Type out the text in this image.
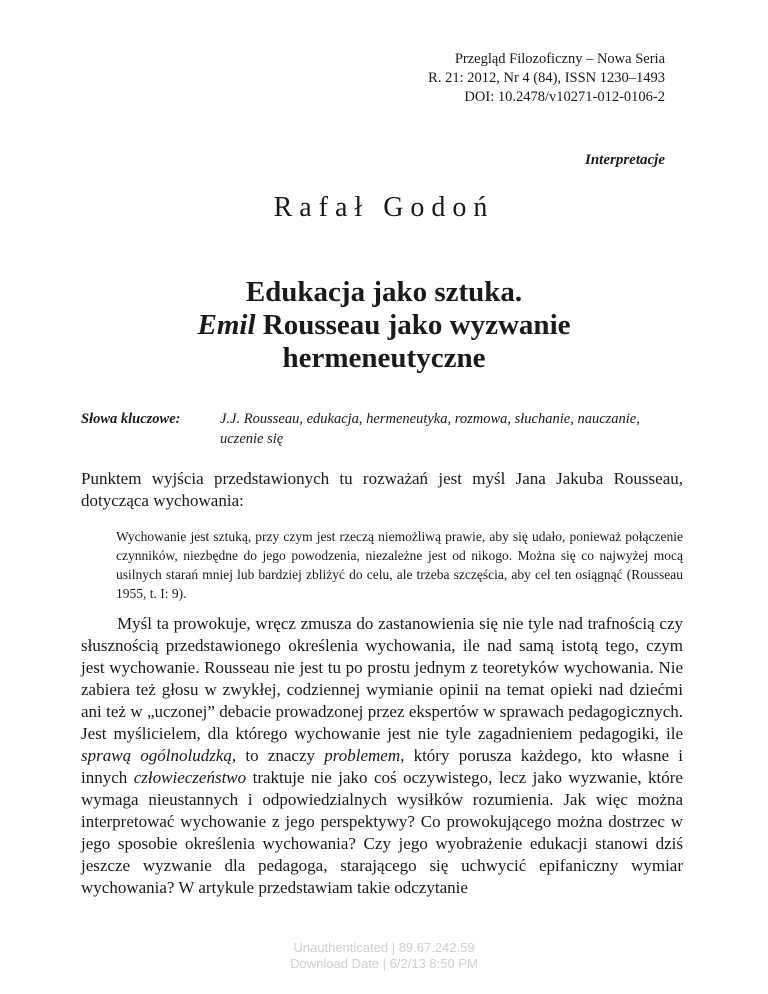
Przegląd Filozoficzny – Nowa Seria
R. 21: 2012, Nr 4 (84), ISSN 1230–1493
DOI: 10.2478/v10271-012-0106-2
Interpretacje
Rafał Godoń
Edukacja jako sztuka.
Emil Rousseau jako wyzwanie
hermeneutyczne
Słowa kluczowe:	J.J. Rousseau, edukacja, hermeneutyka, rozmowa, słuchanie, nauczanie, uczenie się
Punktem wyjścia przedstawionych tu rozważań jest myśl Jana Jakuba Rousseau, dotycząca wychowania:
Wychowanie jest sztuką, przy czym jest rzeczą niemożliwą prawie, aby się udało, ponieważ połączenie czynników, niezbędne do jego powodzenia, niezależne jest od nikogo. Można się co najwyżej mocą usilnych starań mniej lub bardziej zbliżyć do celu, ale trzeba szczęścia, aby cel ten osiągnąć (Rousseau 1955, t. I: 9).
Myśl ta prowokuje, wręcz zmusza do zastanowienia się nie tyle nad trafnością czy słusznością przedstawionego określenia wychowania, ile nad samą istotą tego, czym jest wychowanie. Rousseau nie jest tu po prostu jednym z teoretyków wychowania. Nie zabiera też głosu w zwykłej, codziennej wymianie opinii na temat opieki nad dziećmi ani też w „uczonej” debacie prowadzonej przez ekspertów w sprawach pedagogicznych. Jest myślicielem, dla którego wychowanie jest nie tyle zagadnieniem pedagogiki, ile sprawą ogólnoludzką, to znaczy problemem, który porusza każdego, kto własne i innych człowieczeństwo traktuje nie jako coś oczywistego, lecz jako wyzwanie, które wymaga nieustannych i odpowiedzialnych wysiłków rozumienia. Jak więc można interpretować wychowanie z jego perspektywy? Co prowokującego można dostrzec w jego sposobie określenia wychowania? Czy jego wyobrażenie edukacji stanowi dziś jeszcze wyzwanie dla pedagoga, starającego się uchwycić epifaniczny wymiar wychowania? W artykule przedstawiam takie odczytanie
Unauthenticated | 89.67.242.59
Download Date | 6/2/13 8:50 PM
